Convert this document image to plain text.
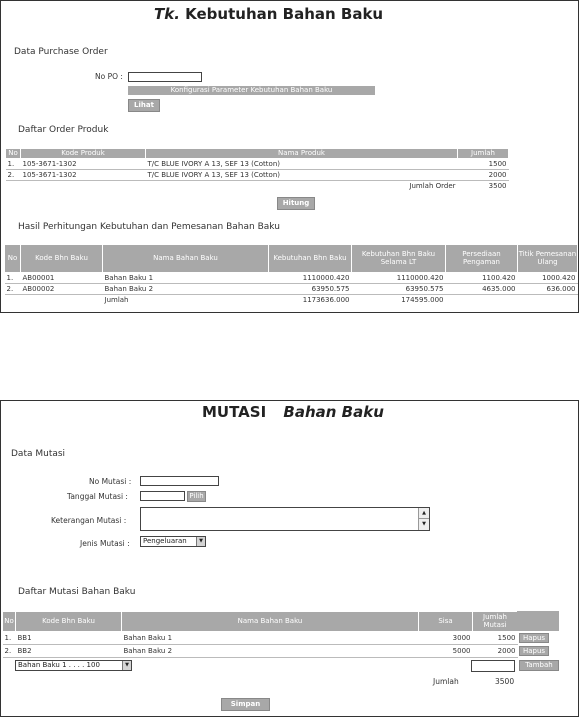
Tk. Kebutuhan Bahan Baku
Data Purchase Order
No PO :
Konfigurasi Parameter Kebutuhan Bahan Baku
Lihat
Daftar Order Produk
No	Kode Produk	Nama Produk	Jumlah
1.	105-3671-1302	T/C BLUE IVORY A 13, SEF 13 (Cotton)	1500
2.	105-3671-1302	T/C BLUE IVORY A 13, SEF 13 (Cotton)	2000
		Jumlah Order	3500
Hitung
Hasil Perhitungan Kebutuhan dan Pemesanan Bahan Baku
No	Kode Bhn Baku	Nama Bahan Baku	Kebutuhan Bhn Baku	Kebutuhan Bhn Baku Selama LT	Persediaan Pengaman	Titik Pemesanan Ulang
1.	AB00001	Bahan Baku 1	1110000.420	1110000.420	1100.420	1000.420
2.	AB00002	Bahan Baku 2	63950.575	63950.575	4635.000	636.000
		Jumlah	1173636.000	174595.000		
MUTASI Bahan Baku
Data Mutasi
No Mutasi :
Tanggal Mutasi :	Pilih
Keterangan Mutasi :
▲
▼
Jenis Mutasi :	Pengeluaran	▼
Daftar Mutasi Bahan Baku
No	Kode Bhn Baku	Nama Bahan Baku	Sisa	Jumlah Mutasi
1.	BB1	Bahan Baku 1	3000	1500
2.	BB2	Bahan Baku 2	5000	2000
Hapus
Hapus
Bahan Baku 1 . . . . 100	▼	Tambah
Jumlah	3500
Simpan
